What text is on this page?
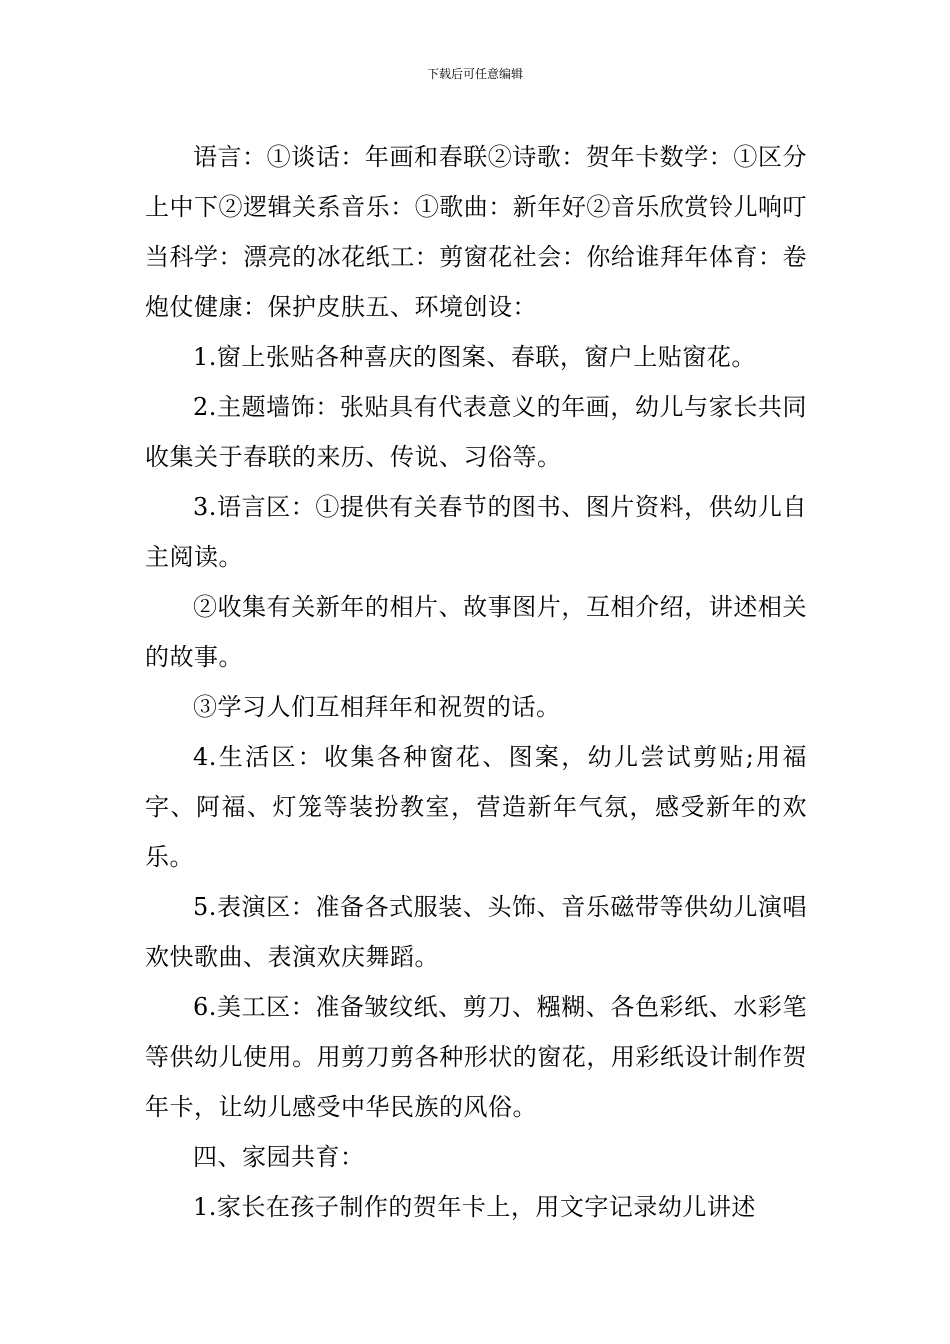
下载后可任意编辑

语言：①谈话：年画和春联②诗歌：贺年卡数学：①区分上中下②逻辑关系音乐：①歌曲：新年好②音乐欣赏铃儿响叮当科学：漂亮的冰花纸工：剪窗花社会：你给谁拜年体育：卷炮仗健康：保护皮肤五、环境创设：

1.窗上张贴各种喜庆的图案、春联，窗户上贴窗花。

2.主题墙饰：张贴具有代表意义的年画，幼儿与家长共同收集关于春联的来历、传说、习俗等。

3.语言区：①提供有关春节的图书、图片资料，供幼儿自主阅读。

②收集有关新年的相片、故事图片，互相介绍，讲述相关的故事。

③学习人们互相拜年和祝贺的话。

4.生活区：收集各种窗花、图案，幼儿尝试剪贴;用福字、阿福、灯笼等装扮教室，营造新年气氛，感受新年的欢乐。

5.表演区：准备各式服装、头饰、音乐磁带等供幼儿演唱欢快歌曲、表演欢庆舞蹈。

6.美工区：准备皱纹纸、剪刀、糨糊、各色彩纸、水彩笔等供幼儿使用。用剪刀剪各种形状的窗花，用彩纸设计制作贺年卡，让幼儿感受中华民族的风俗。

四、家园共育：

1.家长在孩子制作的贺年卡上，用文字记录幼儿讲述
